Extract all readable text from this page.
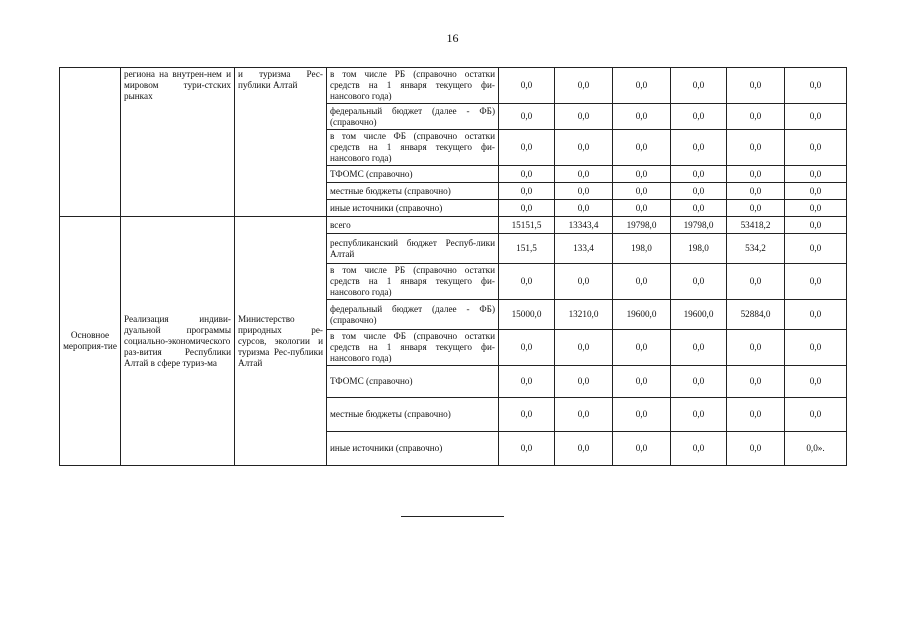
16
	региона на внутрен-нем и мировом тури-стских рынках	и туризма Рес-публики Алтай	в том числе РБ (справочно остатки средств на 1 января текущего фи-нансового года)	0,0	0,0	0,0	0,0	0,0	0,0
			федеральный бюджет (далее - ФБ) (справочно)	0,0	0,0	0,0	0,0	0,0	0,0
			в том числе ФБ (справочно остатки средств на 1 января текущего фи-нансового года)	0,0	0,0	0,0	0,0	0,0	0,0
			ТФОМС (справочно)	0,0	0,0	0,0	0,0	0,0	0,0
			местные бюджеты (справочно)	0,0	0,0	0,0	0,0	0,0	0,0
			иные источники (справочно)	0,0	0,0	0,0	0,0	0,0	0,0
Основное мероприя-тие	Реализация индиви-дуальной программы социально-экономического раз-вития Республики Алтай в сфере туриз-ма	Министерство природных ре-сурсов, экологии и туризма Рес-публики Алтай	всего	15151,5	13343,4	19798,0	19798,0	53418,2	0,0
			республиканский бюджет Респуб-лики Алтай	151,5	133,4	198,0	198,0	534,2	0,0
			в том числе РБ (справочно остатки средств на 1 января текущего фи-нансового года)	0,0	0,0	0,0	0,0	0,0	0,0
			федеральный бюджет (далее - ФБ) (справочно)	15000,0	13210,0	19600,0	19600,0	52884,0	0,0
			в том числе ФБ (справочно остатки средств на 1 января текущего фи-нансового года)	0,0	0,0	0,0	0,0	0,0	0,0
			ТФОМС (справочно)	0,0	0,0	0,0	0,0	0,0	0,0
			местные бюджеты (справочно)	0,0	0,0	0,0	0,0	0,0	0,0
			иные источники (справочно)	0,0	0,0	0,0	0,0	0,0	0,0».
